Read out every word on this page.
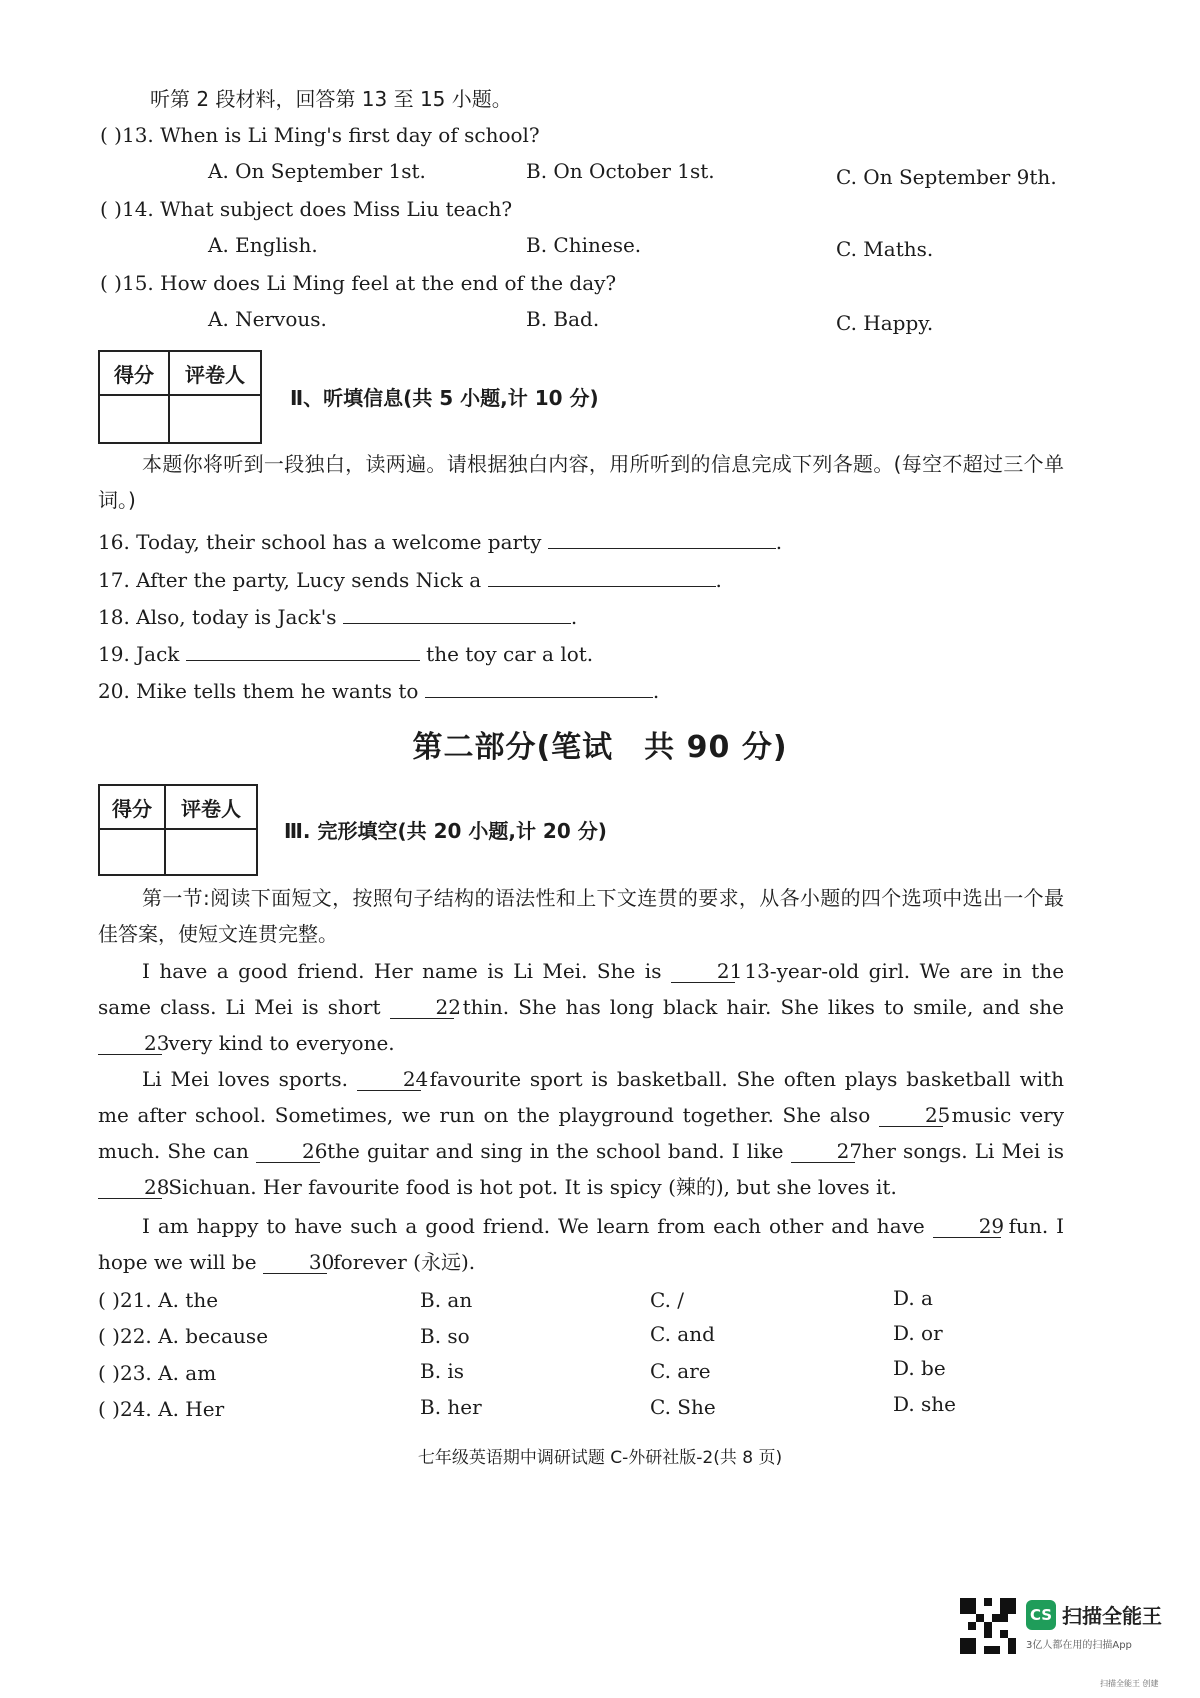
听第 2 段材料，回答第 13 至 15 小题。
( )13. When is Li Ming's first day of school?
A. On September 1st.	B. On October 1st.	C. On September 9th.
( )14. What subject does Miss Liu teach?
A. English.	B. Chinese.	C. Maths.
( )15. How does Li Ming feel at the end of the day?
A. Nervous.	B. Bad.	C. Happy.
得分	评卷人
Ⅱ、听填信息(共 5 小题,计 10 分)
本题你将听到一段独白，读两遍。请根据独白内容，用所听到的信息完成下列各题。(每空不超过三个单词。)
16. Today, their school has a welcome party	.
17. After the party, Lucy sends Nick a	.
18. Also, today is Jack's	.
19. Jack	the toy car a lot.
20. Mike tells them he wants to	.
第二部分(笔试　共 90 分)
得分	评卷人
Ⅲ. 完形填空(共 20 小题,计 20 分)
第一节:阅读下面短文，按照句子结构的语法性和上下文连贯的要求，从各小题的四个选项中选出一个最佳答案，使短文连贯完整。
I have a good friend. Her name is Li Mei. She is	21 13-year-old girl. We are in the same class. Li Mei is short	22 thin. She has long black hair. She likes to smile, and she 23 very kind to everyone.
Li Mei loves sports.	24 favourite sport is basketball. She often plays basketball with me after school. Sometimes, we run on the playground together. She also	25 music very much. She can	26 the guitar and sing in the school band. I like	27 her songs. Li Mei is 28 Sichuan. Her favourite food is hot pot. It is spicy (辣的), but she loves it.
I am happy to have such a good friend. We learn from each other and have	29 fun. I hope we will be	30 forever (永远).
( )21. A. the	B. an	C. /	D. a
( )22. A. because	B. so	C. and	D. or
( )23. A. am	B. is	C. are	D. be
( )24. A. Her	B. her	C. She	D. she
七年级英语期中调研试题 C-外研社版-2(共 8 页)
CS 扫描全能王
3亿人都在用的扫描App
扫描全能王 创建
